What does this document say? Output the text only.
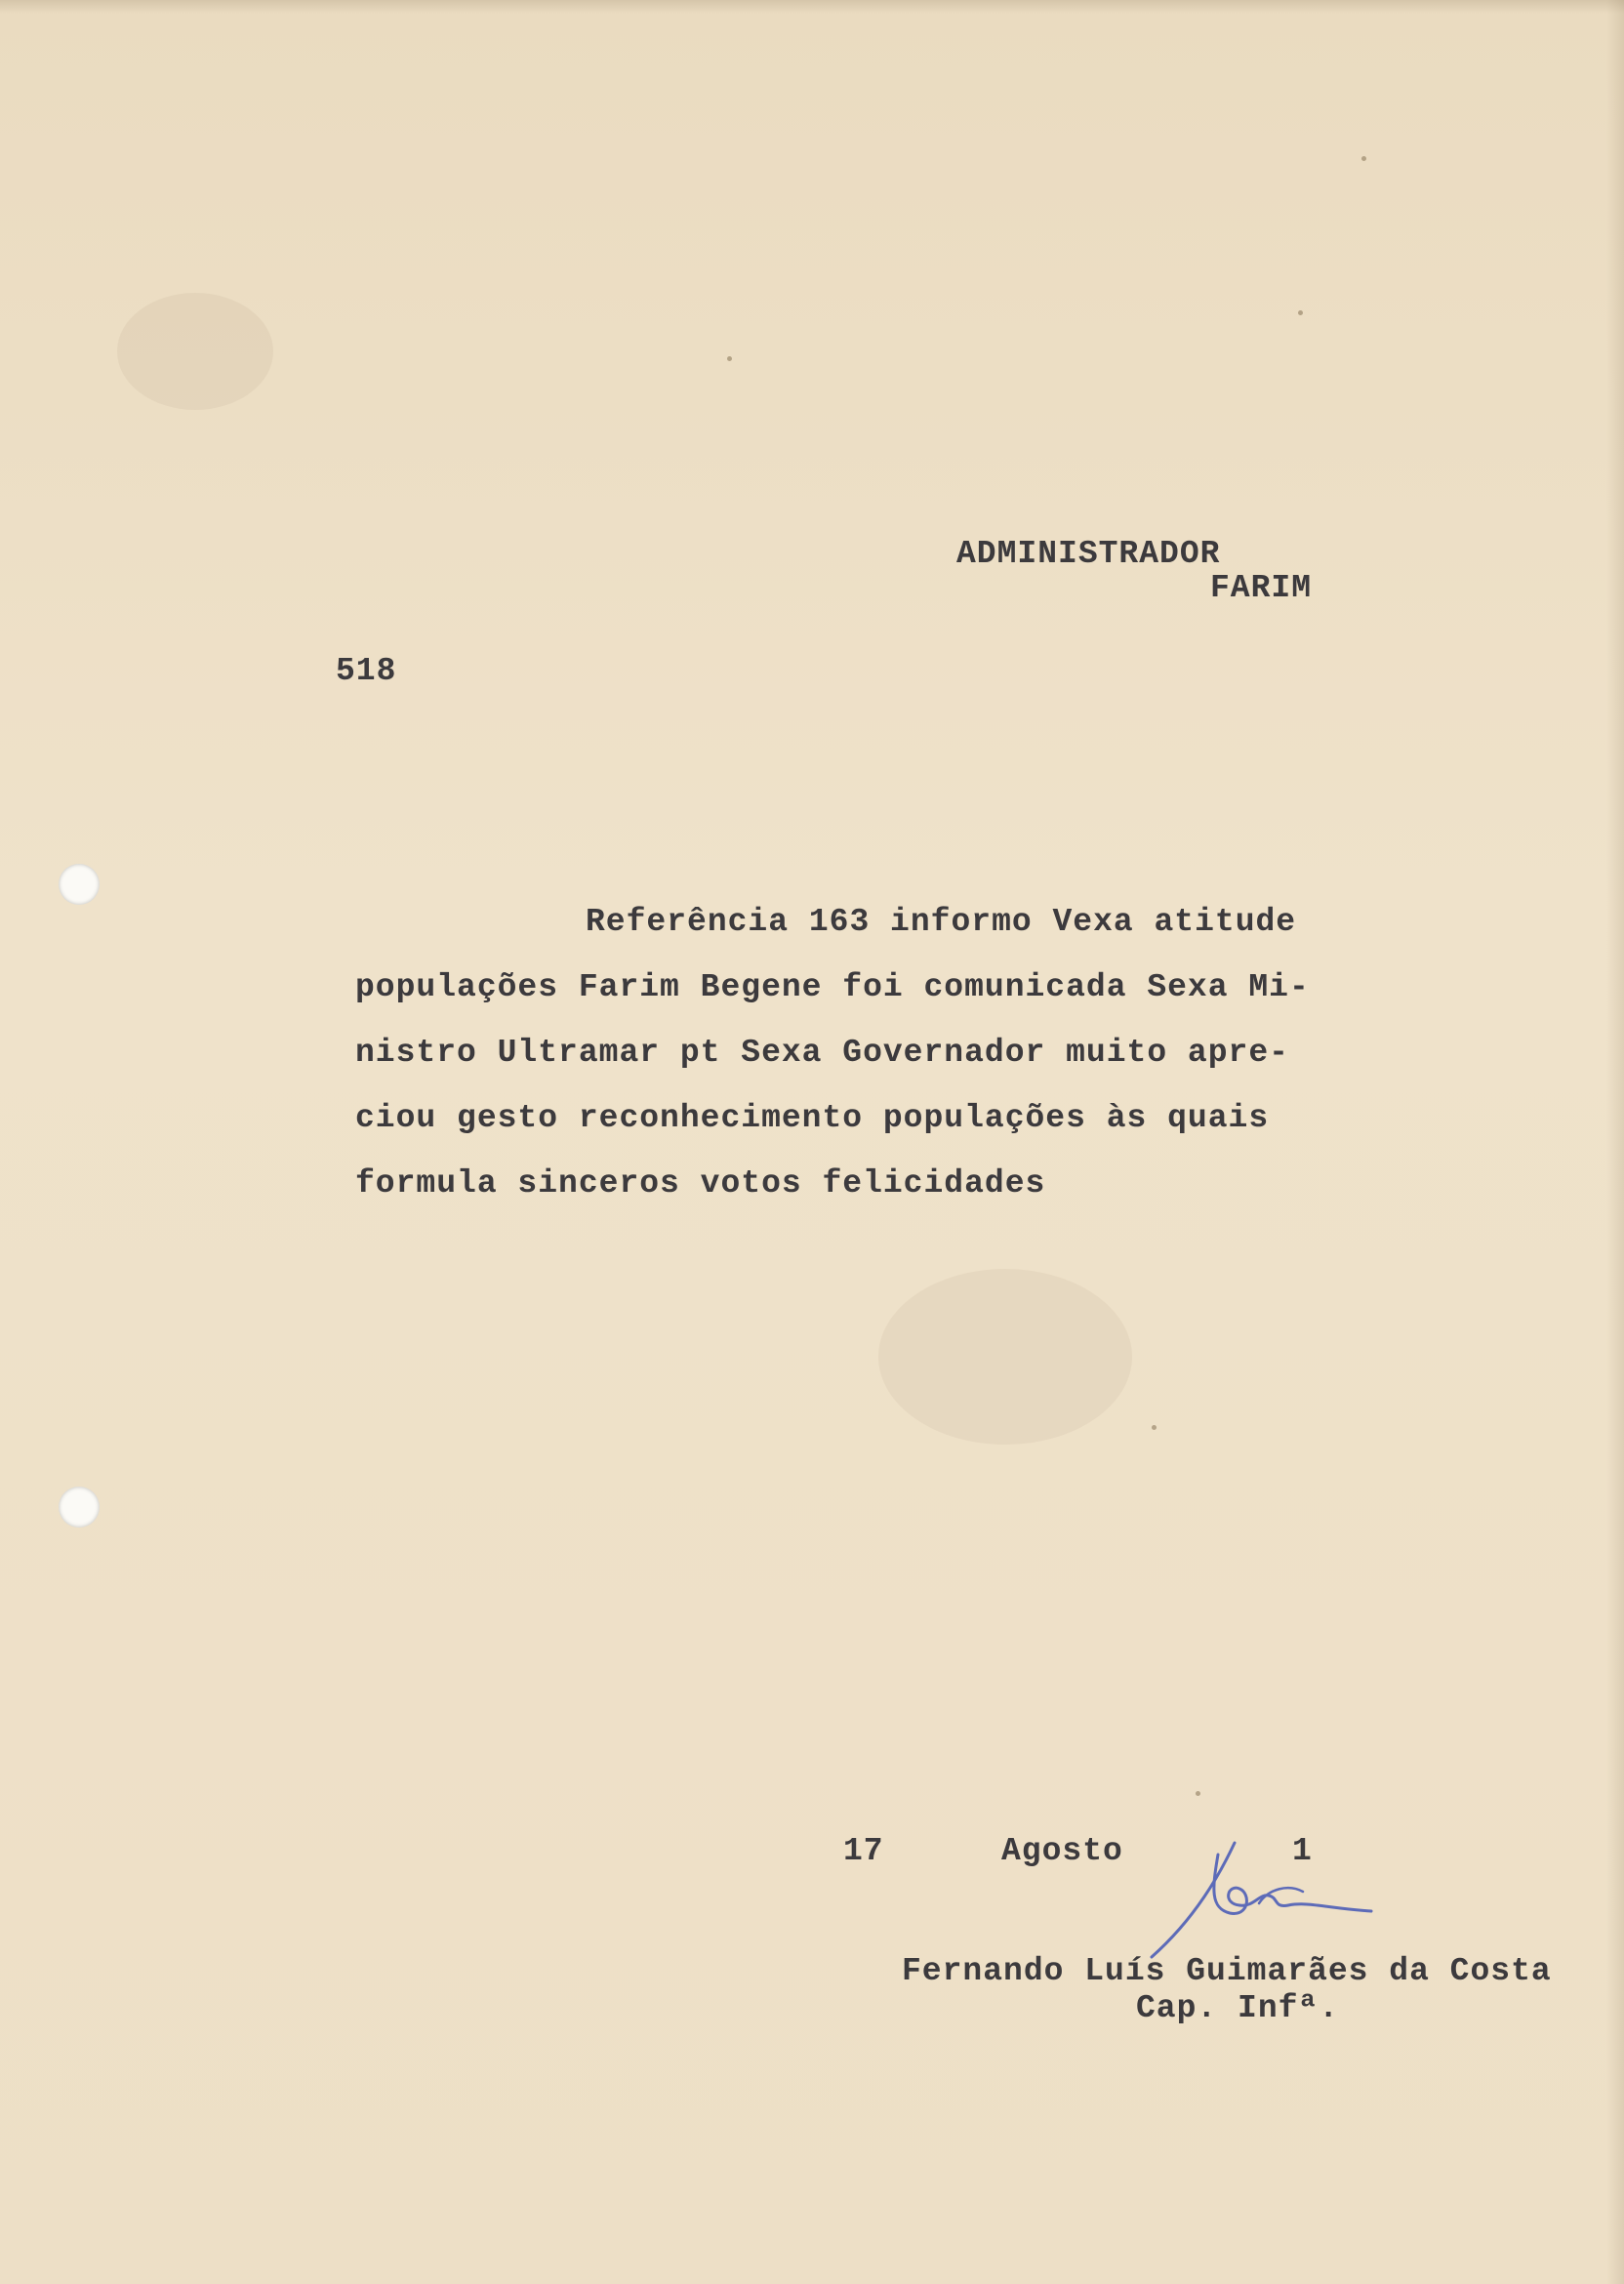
ADMINISTRADOR
FARIM
518
Referência 163 informo Vexa atitude
populações Farim Begene foi comunicada Sexa Mi-
nistro Ultramar pt Sexa Governador muito apre-
ciou gesto reconhecimento populações às quais
formula sinceros votos felicidades
17	Agosto	1
Fernando Luís Guimarães da Costa
Cap. Infª.
